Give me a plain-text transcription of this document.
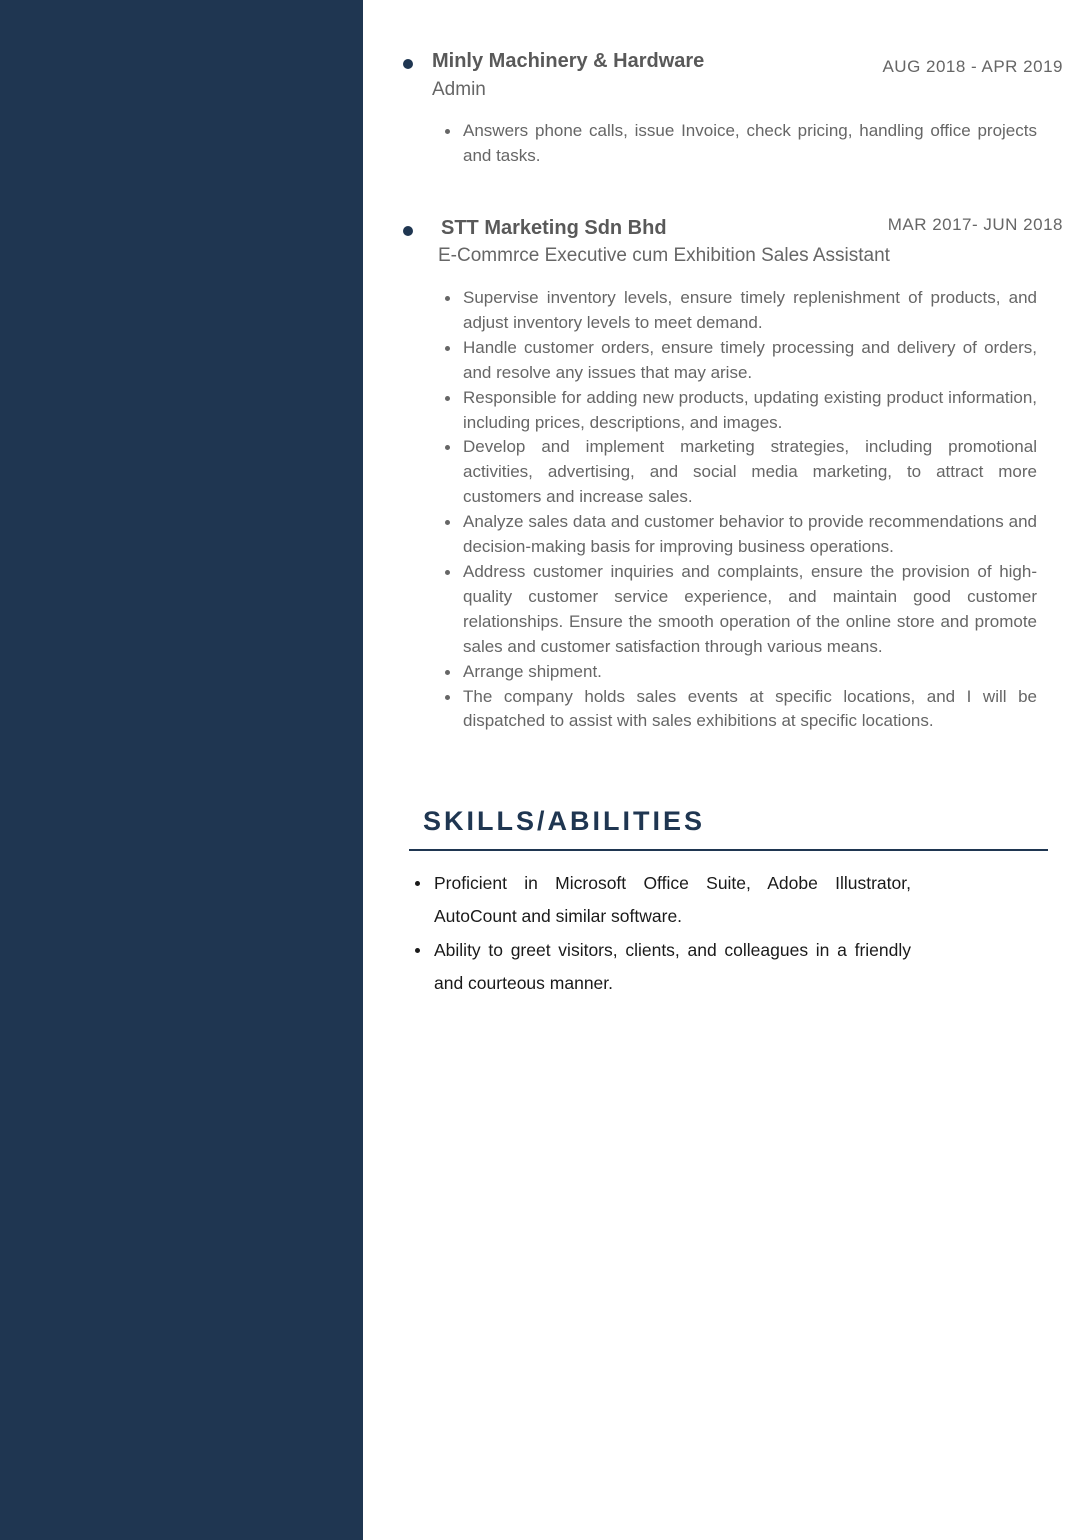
Minly Machinery & Hardware	AUG 2018 - APR 2019
Admin
Answers phone calls, issue Invoice, check pricing, handling office projects and tasks.
STT Marketing Sdn Bhd	MAR 2017- JUN 2018
E-Commrce Executive cum Exhibition Sales Assistant
Supervise inventory levels, ensure timely replenishment of products, and adjust inventory levels to meet demand.
Handle customer orders, ensure timely processing and delivery of orders, and resolve any issues that may arise.
Responsible for adding new products, updating existing product information, including prices, descriptions, and images.
Develop and implement marketing strategies, including promotional activities, advertising, and social media marketing, to attract more customers and increase sales.
Analyze sales data and customer behavior to provide recommendations and decision-making basis for improving business operations.
Address customer inquiries and complaints, ensure the provision of high-quality customer service experience, and maintain good customer relationships. Ensure the smooth operation of the online store and promote sales and customer satisfaction through various means.
Arrange shipment.
The company holds sales events at specific locations, and I will be dispatched to assist with sales exhibitions at specific locations.
SKILLS/ABILITIES
Proficient in Microsoft Office Suite, Adobe Illustrator, AutoCount and similar software.
Ability to greet visitors, clients, and colleagues in a friendly and courteous manner.
